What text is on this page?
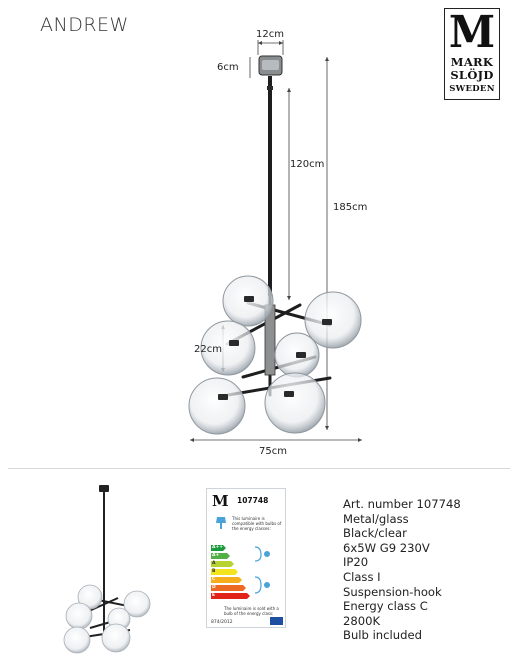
ANDREW	M
MARK
SLÖJD
SWEDEN
12cm
6cm
120cm
185cm
22cm
75cm
M 107748
This luminaire is compatible with bulbs of the energy classes:
A++
A+
A
B
C
D
E
The luminaire is sold with a bulb of the energy class:
874/2012
Art. number 107748
Metal/glass
Black/clear
6x5W G9 230V
IP20
Class I
Suspension-hook
Energy class C
2800K
Bulb included
